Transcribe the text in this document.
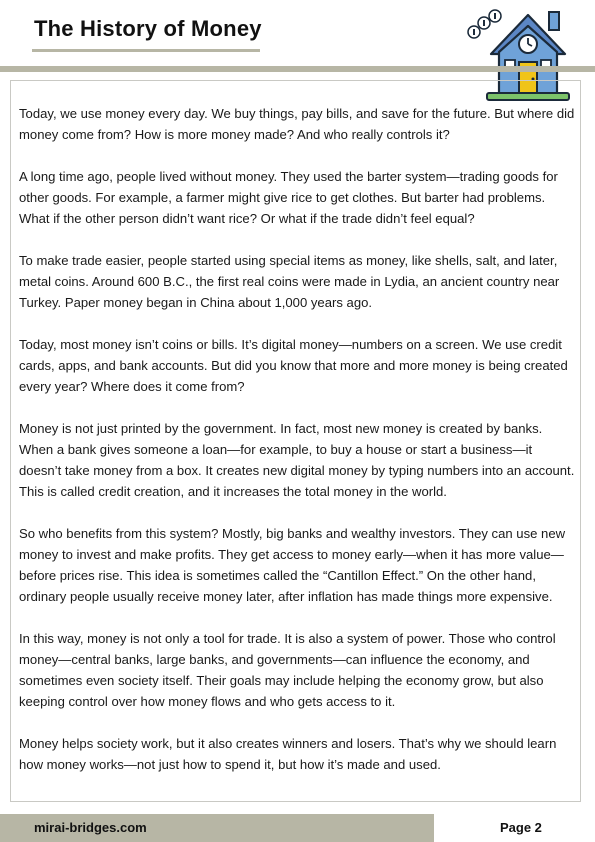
The History of Money

Today, we use money every day. We buy things, pay bills, and save for the future. But where did money come from? How is more money made? And who really controls it?

A long time ago, people lived without money. They used the barter system—trading goods for other goods. For example, a farmer might give rice to get clothes. But barter had problems. What if the other person didn’t want rice? Or what if the trade didn’t feel equal?

To make trade easier, people started using special items as money, like shells, salt, and later, metal coins. Around 600 B.C., the first real coins were made in Lydia, an ancient country near Turkey. Paper money began in China about 1,000 years ago.

Today, most money isn’t coins or bills. It’s digital money—numbers on a screen. We use credit cards, apps, and bank accounts. But did you know that more and more money is being created every year? Where does it come from?

Money is not just printed by the government. In fact, most new money is created by banks. When a bank gives someone a loan—for example, to buy a house or start a business—it doesn’t take money from a box. It creates new digital money by typing numbers into an account. This is called credit creation, and it increases the total money in the world.

So who benefits from this system? Mostly, big banks and wealthy investors. They can use new money to invest and make profits. They get access to money early—when it has more value—before prices rise. This idea is sometimes called the “Cantillon Effect.” On the other hand, ordinary people usually receive money later, after inflation has made things more expensive.

In this way, money is not only a tool for trade. It is also a system of power. Those who control money—central banks, large banks, and governments—can influence the economy, and sometimes even society itself. Their goals may include helping the economy grow, but also keeping control over how money flows and who gets access to it.

Money helps society work, but it also creates winners and losers. That’s why we should learn how money works—not just how to spend it, but how it’s made and used.

mirai-bridges.com	Page 2
